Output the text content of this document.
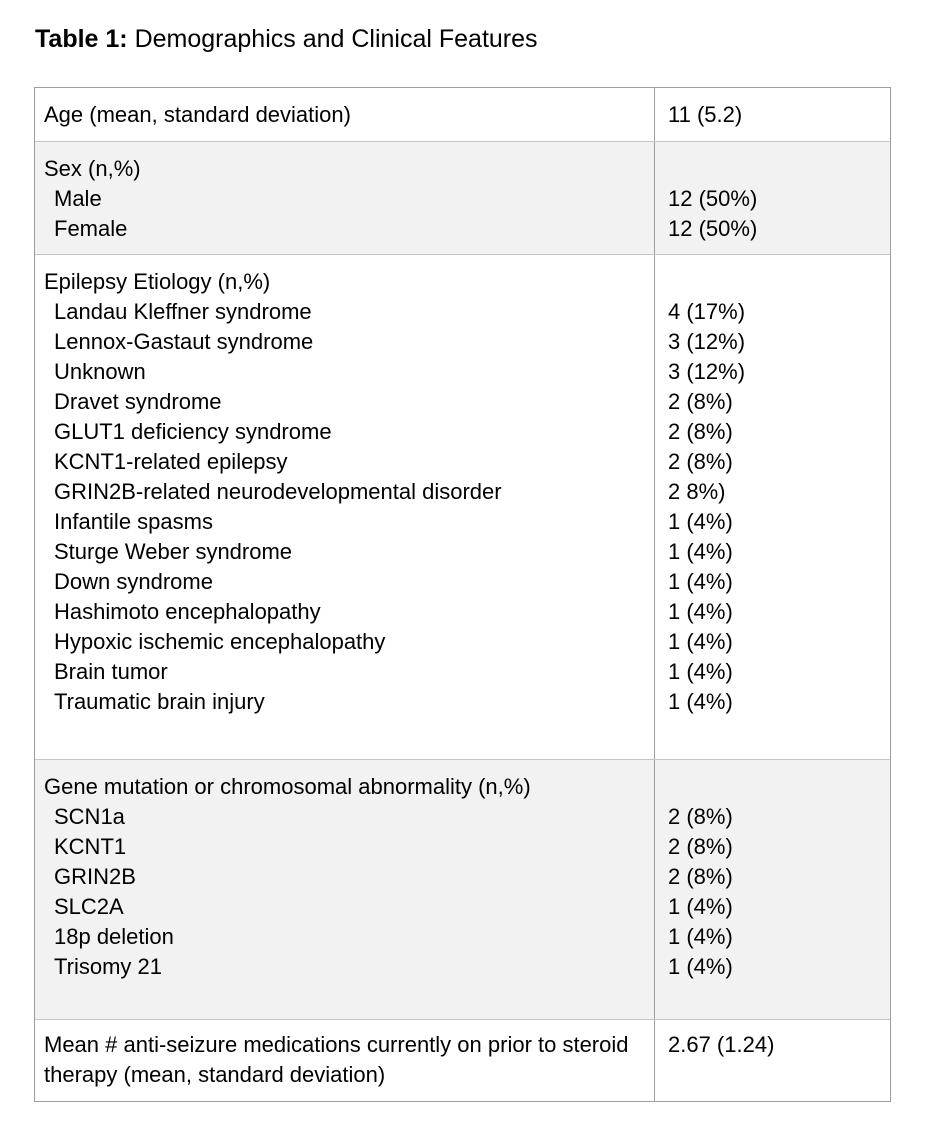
Table 1: Demographics and Clinical Features
Age (mean, standard deviation)	11 (5.2)
Sex (n,%)
Male
Female

12 (50%)
12 (50%)
Epilepsy Etiology (n,%)
Landau Kleffner syndrome
Lennox-Gastaut syndrome
Unknown
Dravet syndrome
GLUT1 deficiency syndrome
KCNT1-related epilepsy
GRIN2B-related neurodevelopmental disorder
Infantile spasms
Sturge Weber syndrome
Down syndrome
Hashimoto encephalopathy
Hypoxic ischemic encephalopathy
Brain tumor
Traumatic brain injury

4 (17%)
3 (12%)
3 (12%)
2 (8%)
2 (8%)
2 (8%)
2 8%)
1 (4%)
1 (4%)
1 (4%)
1 (4%)
1 (4%)
1 (4%)
1 (4%)
Gene mutation or chromosomal abnormality (n,%)
SCN1a
KCNT1
GRIN2B
SLC2A
18p deletion
Trisomy 21

2 (8%)
2 (8%)
2 (8%)
1 (4%)
1 (4%)
1 (4%)
Mean # anti-seizure medications currently on prior to steroid therapy (mean, standard deviation)
2.67 (1.24)
